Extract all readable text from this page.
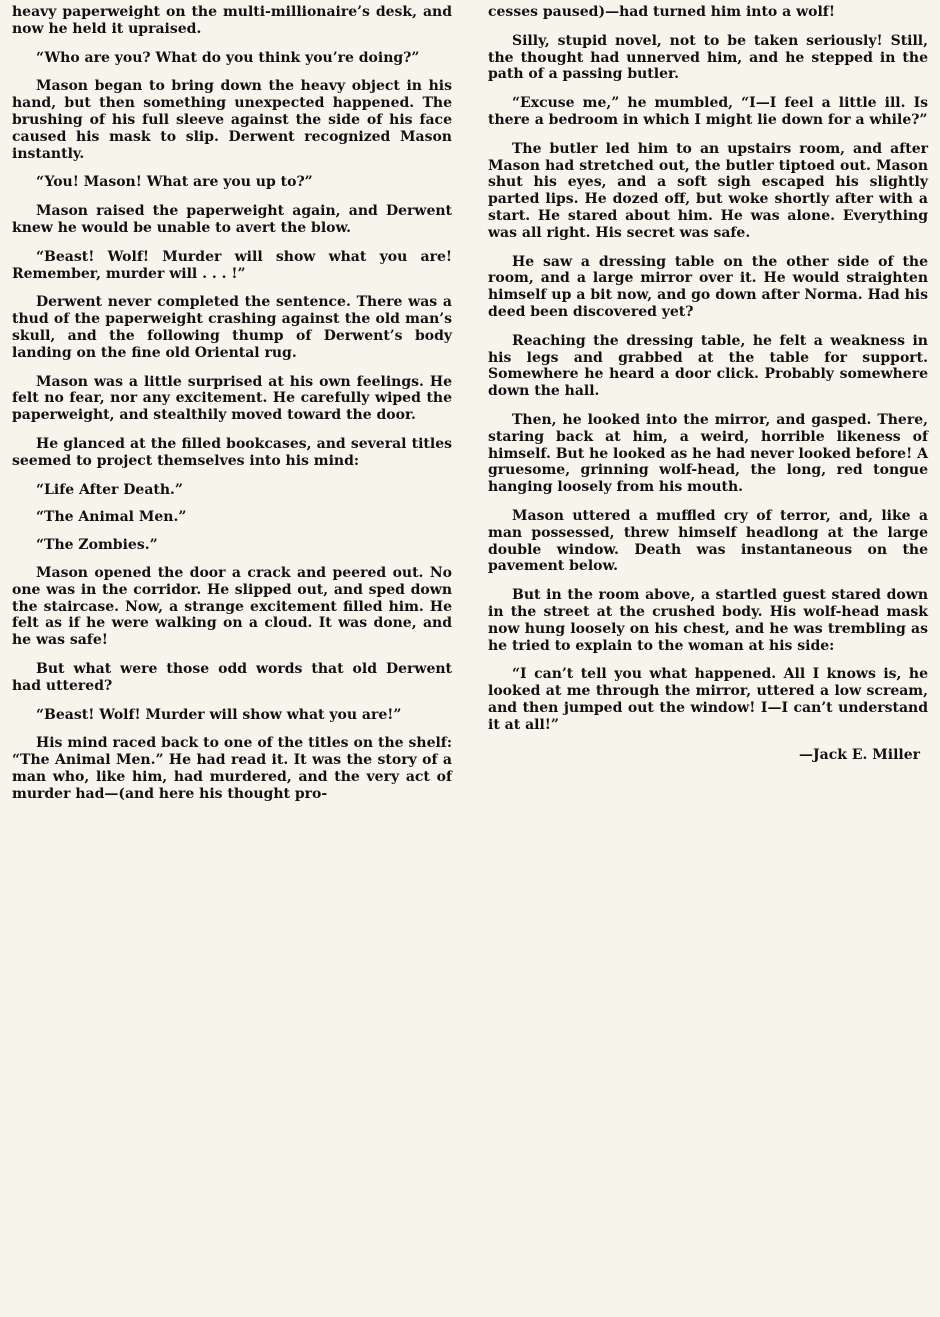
heavy paperweight on the multi-millionaire’s desk, and now he held it upraised.

“Who are you? What do you think you’re doing?”

Mason began to bring down the heavy object in his hand, but then something unexpected happened. The brushing of his full sleeve against the side of his face caused his mask to slip. Derwent recognized Mason instantly.

“You! Mason! What are you up to?”

Mason raised the paperweight again, and Derwent knew he would be unable to avert the blow.

“Beast! Wolf! Murder will show what you are! Remember, murder will . . . !”

Derwent never completed the sentence. There was a thud of the paperweight crashing against the old man’s skull, and the following thump of Derwent’s body landing on the fine old Oriental rug.

Mason was a little surprised at his own feelings. He felt no fear, nor any excitement. He carefully wiped the paperweight, and stealthily moved toward the door.

He glanced at the filled bookcases, and several titles seemed to project themselves into his mind:

“Life After Death.”

“The Animal Men.”

“The Zombies.”

Mason opened the door a crack and peered out. No one was in the corridor. He slipped out, and sped down the staircase. Now, a strange excitement filled him. He felt as if he were walking on a cloud. It was done, and he was safe!

But what were those odd words that old Derwent had uttered?

“Beast! Wolf! Murder will show what you are!”

His mind raced back to one of the titles on the shelf: “The Animal Men.” He had read it. It was the story of a man who, like him, had murdered, and the very act of murder had—(and here his thought pro-

cesses paused)—had turned him into a wolf!

Silly, stupid novel, not to be taken seriously! Still, the thought had unnerved him, and he stepped in the path of a passing butler.

“Excuse me,” he mumbled, “I—I feel a little ill. Is there a bedroom in which I might lie down for a while?”

The butler led him to an upstairs room, and after Mason had stretched out, the butler tiptoed out. Mason shut his eyes, and a soft sigh escaped his slightly parted lips. He dozed off, but woke shortly after with a start. He stared about him. He was alone. Everything was all right. His secret was safe.

He saw a dressing table on the other side of the room, and a large mirror over it. He would straighten himself up a bit now, and go down after Norma. Had his deed been discovered yet?

Reaching the dressing table, he felt a weakness in his legs and grabbed at the table for support. Somewhere he heard a door click. Probably somewhere down the hall.

Then, he looked into the mirror, and gasped. There, staring back at him, a weird, horrible likeness of himself. But he looked as he had never looked before! A gruesome, grinning wolf-head, the long, red tongue hanging loosely from his mouth.

Mason uttered a muffled cry of terror, and, like a man possessed, threw himself headlong at the large double window. Death was instantaneous on the pavement below.

But in the room above, a startled guest stared down in the street at the crushed body. His wolf-head mask now hung loosely on his chest, and he was trembling as he tried to explain to the woman at his side:

“I can’t tell you what happened. All I knows is, he looked at me through the mirror, uttered a low scream, and then jumped out the window! I—I can’t understand it at all!”

—Jack E. Miller
